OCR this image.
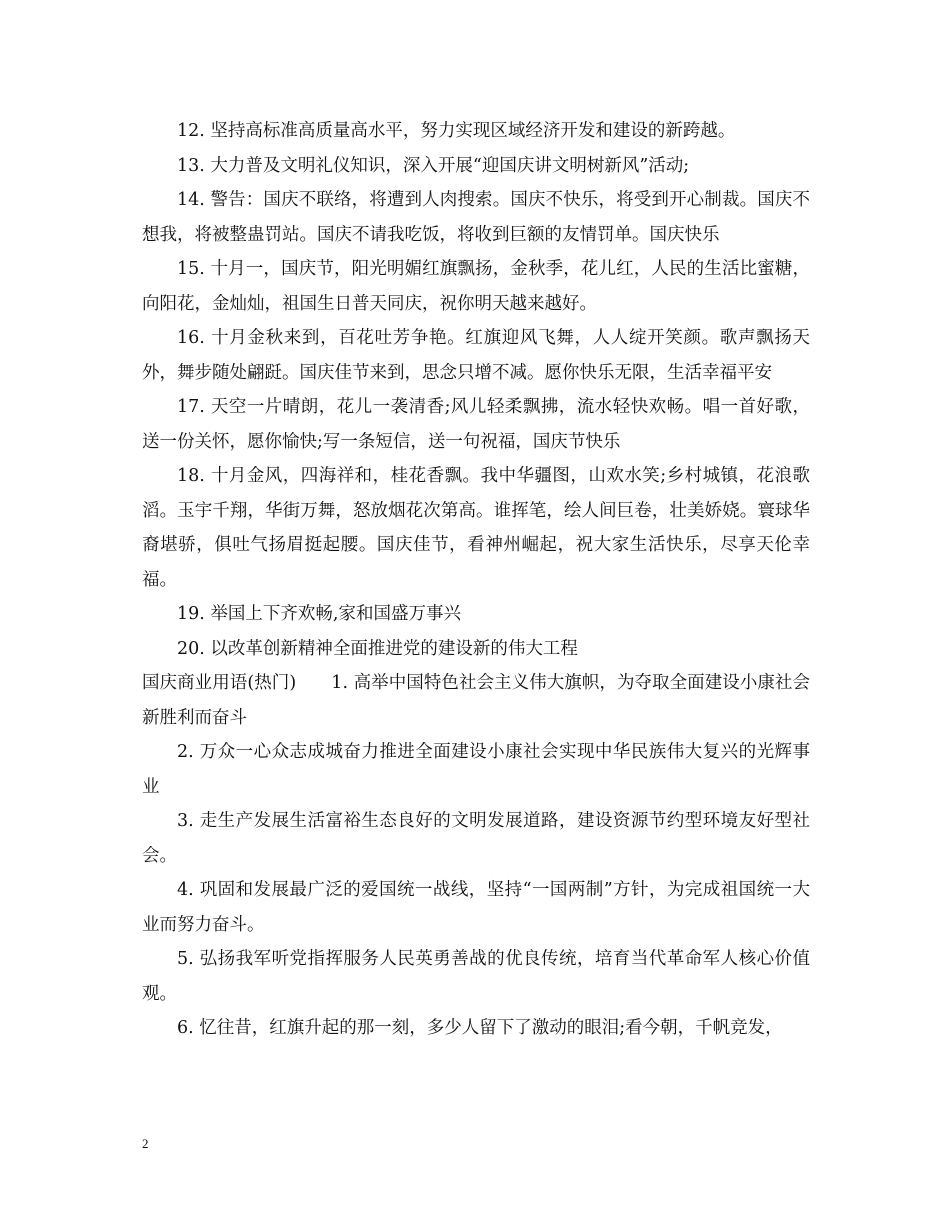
12. 坚持高标准高质量高水平，努力实现区域经济开发和建设的新跨越。

13. 大力普及文明礼仪知识，深入开展“迎国庆讲文明树新风”活动;

14. 警告：国庆不联络，将遭到人肉搜索。国庆不快乐，将受到开心制裁。国庆不想我，将被整蛊罚站。国庆不请我吃饭，将收到巨额的友情罚单。国庆快乐

15. 十月一，国庆节，阳光明媚红旗飘扬，金秋季，花儿红，人民的生活比蜜糖，向阳花，金灿灿，祖国生日普天同庆，祝你明天越来越好。

16. 十月金秋来到，百花吐芳争艳。红旗迎风飞舞，人人绽开笑颜。歌声飘扬天外，舞步随处翩跹。国庆佳节来到，思念只增不减。愿你快乐无限，生活幸福平安

17. 天空一片晴朗，花儿一袭清香;风儿轻柔飘拂，流水轻快欢畅。唱一首好歌，送一份关怀，愿你愉快;写一条短信，送一句祝福，国庆节快乐

18. 十月金风，四海祥和，桂花香飘。我中华疆图，山欢水笑;乡村城镇，花浪歌滔。玉宇千翔，华街万舞，怒放烟花次第高。谁挥笔，绘人间巨卷，壮美娇娆。寰球华裔堪骄，俱吐气扬眉挺起腰。国庆佳节，看神州崛起，祝大家生活快乐，尽享天伦幸福。

19. 举国上下齐欢畅,家和国盛万事兴

20. 以改革创新精神全面推进党的建设新的伟大工程

国庆商业用语(热门)　　1. 高举中国特色社会主义伟大旗帜，为夺取全面建设小康社会新胜利而奋斗

2. 万众一心众志成城奋力推进全面建设小康社会实现中华民族伟大复兴的光辉事业

3. 走生产发展生活富裕生态良好的文明发展道路，建设资源节约型环境友好型社会。

4. 巩固和发展最广泛的爱国统一战线，坚持“一国两制”方针，为完成祖国统一大业而努力奋斗。

5. 弘扬我军听党指挥服务人民英勇善战的优良传统，培育当代革命军人核心价值观。

6. 忆往昔，红旗升起的那一刻，多少人留下了激动的眼泪;看今朝，千帆竞发，

2
